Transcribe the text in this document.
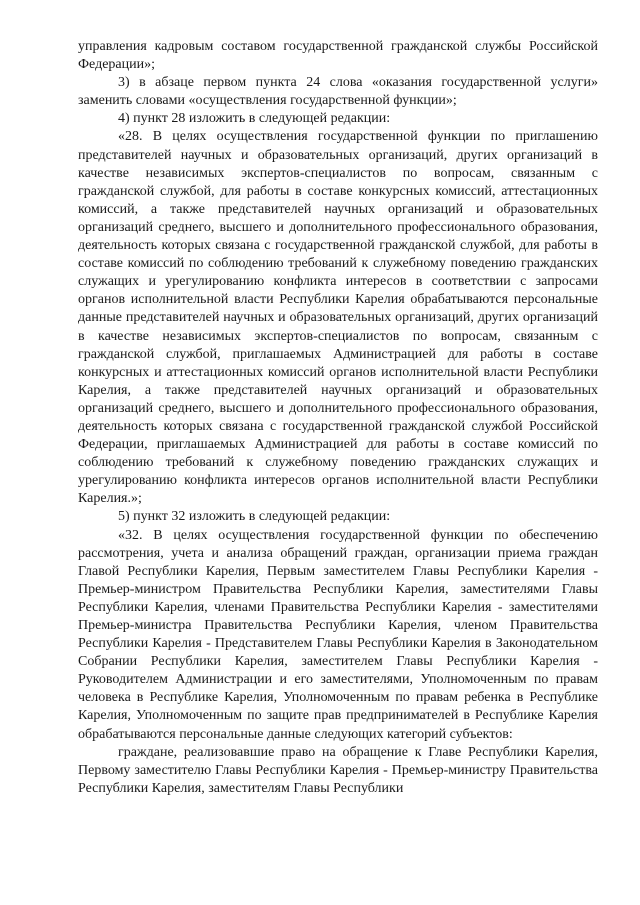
управления кадровым составом государственной гражданской службы Российской Федерации»;

3) в абзаце первом пункта 24 слова «оказания государственной услуги» заменить словами «осуществления государственной функции»;

4) пункт 28 изложить в следующей редакции:

«28. В целях осуществления государственной функции по приглашению представителей научных и образовательных организаций, других организаций в качестве независимых экспертов-специалистов по вопросам, связанным с гражданской службой, для работы в составе конкурсных комиссий, аттестационных комиссий, а также представителей научных организаций и образовательных организаций среднего, высшего и дополнительного профессионального образования, деятельность которых связана с государственной гражданской службой, для работы в составе комиссий по соблюдению требований к служебному поведению гражданских служащих и урегулированию конфликта интересов в соответствии с запросами органов исполнительной власти Республики Карелия обрабатываются персональные данные представителей научных и образовательных организаций, других организаций в качестве независимых экспертов-специалистов по вопросам, связанным с гражданской службой, приглашаемых Администрацией для работы в составе конкурсных и аттестационных комиссий органов исполнительной власти Республики Карелия, а также представителей научных организаций и образовательных организаций среднего, высшего и дополнительного профессионального образования, деятельность которых связана с государственной гражданской службой Российской Федерации, приглашаемых Администрацией для работы в составе комиссий по соблюдению требований к служебному поведению гражданских служащих и урегулированию конфликта интересов органов исполнительной власти Республики Карелия.»;

5) пункт 32 изложить в следующей редакции:

«32. В целях осуществления государственной функции по обеспечению рассмотрения, учета и анализа обращений граждан, организации приема граждан Главой Республики Карелия, Первым заместителем Главы Республики Карелия - Премьер-министром Правительства Республики Карелия, заместителями Главы Республики Карелия, членами Правительства Республики Карелия - заместителями Премьер-министра Правительства Республики Карелия, членом Правительства Республики Карелия - Представителем Главы Республики Карелия в Законодательном Собрании Республики Карелия, заместителем Главы Республики Карелия - Руководителем Администрации и его заместителями, Уполномоченным по правам человека в Республике Карелия, Уполномоченным по правам ребенка в Республике Карелия, Уполномоченным по защите прав предпринимателей в Республике Карелия обрабатываются персональные данные следующих категорий субъектов:

граждане, реализовавшие право на обращение к Главе Республики Карелия, Первому заместителю Главы Республики Карелия - Премьер-министру Правительства Республики Карелия, заместителям Главы Республики
